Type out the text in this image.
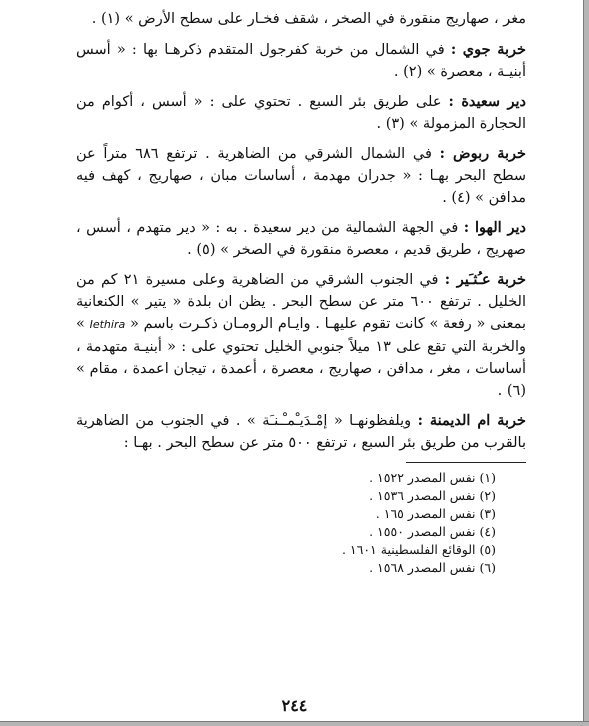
مغر ، صهاريج منقورة في الصخر ، شقف فخـار على سطح الأرض » (١) .

خربة جوي : في الشمال من خربة كفرجول المتقدم ذكرهـا بها : « أسس أبنيـة ، معصرة » (٢) .

دير سعيدة : على طريق بئر السبع . تحتوي على : « أسس ، أكوام من الحجارة المزمولة » (٣) .

خربة ربوض : في الشمال الشرقي من الضاهرية . ترتفع ٦٨٦ متراً عن سطح البحر بهـا : « جدران مهدمة ، أساسات مبان ، صهاريج ، كهف فيه مدافن » (٤) .

دير الهوا : في الجهة الشمالية من دير سعيدة . به : « دير متهدم ، أسس ، صهريج ، طريق قديم ، معصرة منقورة في الصخر » (٥) .

خربة عـُثـَير : في الجنوب الشرقي من الضاهرية وعلى مسيرة ٢١ كم من الخليل . ترتفع ٦٠٠ متر عن سطح البحر . يظن ان بلدة « يتير » الكنعانية بمعنى « رفعة » كانت تقوم عليهـا . وايـام الرومـان ذكـرت باسم « Iethira » والخربة التي تقع على ١٣ ميلاً جنوبي الخليل تحتوي على : « أبنيـة متهدمة ، أساسات ، مغر ، مدافن ، صهاريج ، معصرة ، أعمدة ، تيجان اعمدة ، مقام » (٦) .

خربة ام الديمنة : ويلفظونهـا « إمْـدَيـْمـْـنـَة » . في الجنوب من الضاهرية بالقرب من طريق بئر السبع ، ترتفع ٥٠٠ متر عن سطح البحر . بهـا :

(١) نفس المصدر ١٥٢٢ .
(٢) نفس المصدر ١٥٣٦ .
(٣) نفس المصدر ١٦٥ .
(٤) نفس المصدر ١٥٥٠ .
(٥) الوقائع الفلسطينية ١٦٠١ .
(٦) نفس المصدر ١٥٦٨ .
٢٤٤
